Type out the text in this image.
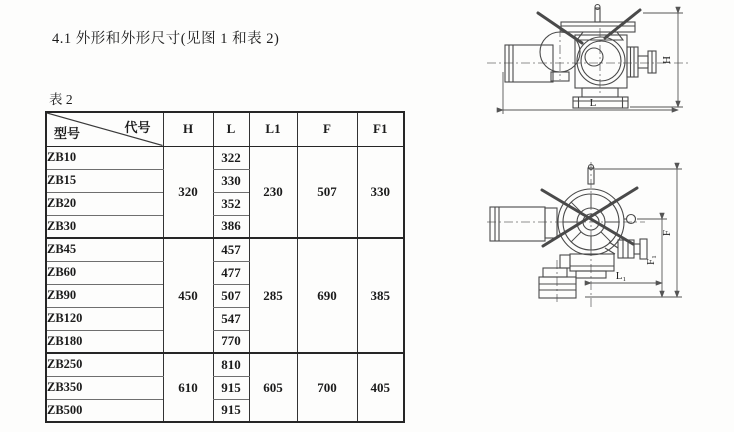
4.1 外形和外形尺寸(见图 1 和表 2)
表 2
型号 代号	H	L	L1	F	F1
ZB10	320	322	230	507	330
ZB15		330			
ZB20		352			
ZB30		386			
ZB45	450	457	285	690	385
ZB60		477			
ZB90		507			
ZB120		547			
ZB180		770			
ZB250	610	810	605	700	405
ZB350		915			
ZB500		915			
H
L
F
F₁
L₁
